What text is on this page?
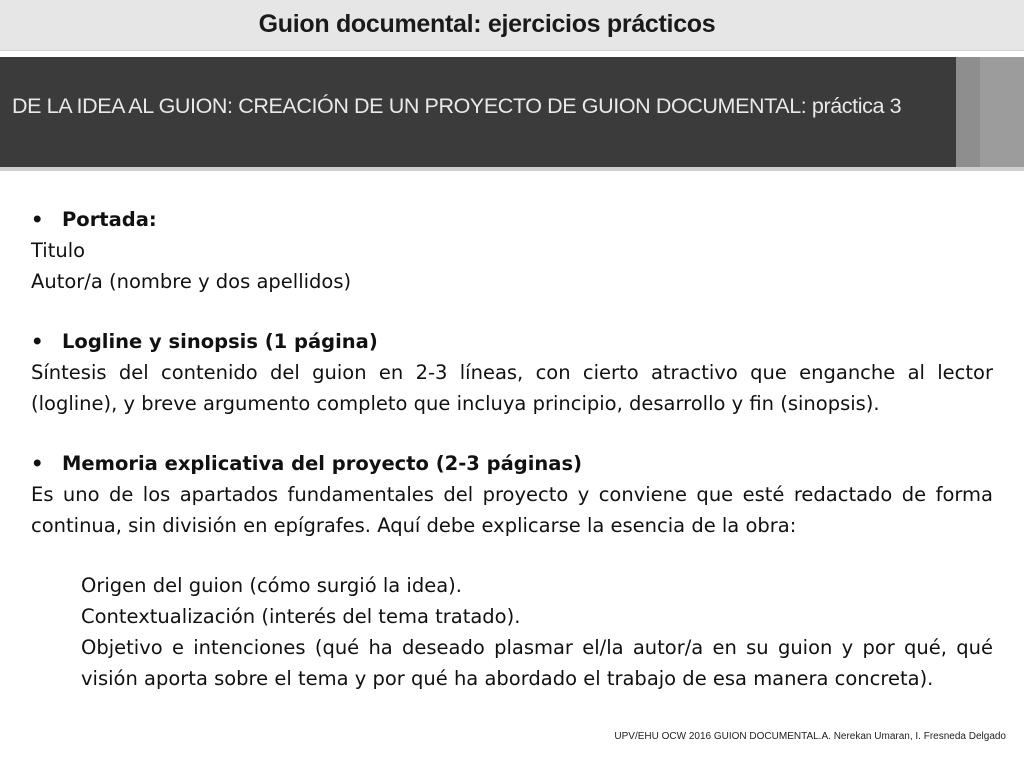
Guion documental: ejercicios prácticos
DE LA IDEA AL GUION: CREACIÓN DE UN PROYECTO DE GUION DOCUMENTAL: práctica 3
• Portada:
Titulo
Autor/a (nombre y dos apellidos)
• Logline y sinopsis (1 página)
Síntesis del contenido del guion en 2-3 líneas, con cierto atractivo que enganche al lector (logline), y breve argumento completo que incluya principio, desarrollo y fin (sinopsis).
• Memoria explicativa del proyecto (2-3 páginas)
Es uno de los apartados fundamentales del proyecto y conviene que esté redactado de forma continua, sin división en epígrafes. Aquí debe explicarse la esencia de la obra:

Origen del guion (cómo surgió la idea).

Contextualización (interés del tema tratado).

Objetivo e intenciones (qué ha deseado plasmar el/la autor/a en su guion y por qué, qué visión aporta sobre el tema y por qué ha abordado el trabajo de esa manera concreta).

UPV/EHU OCW 2016 GUION DOCUMENTAL.A. Nerekan Umaran, I. Fresneda Delgado
